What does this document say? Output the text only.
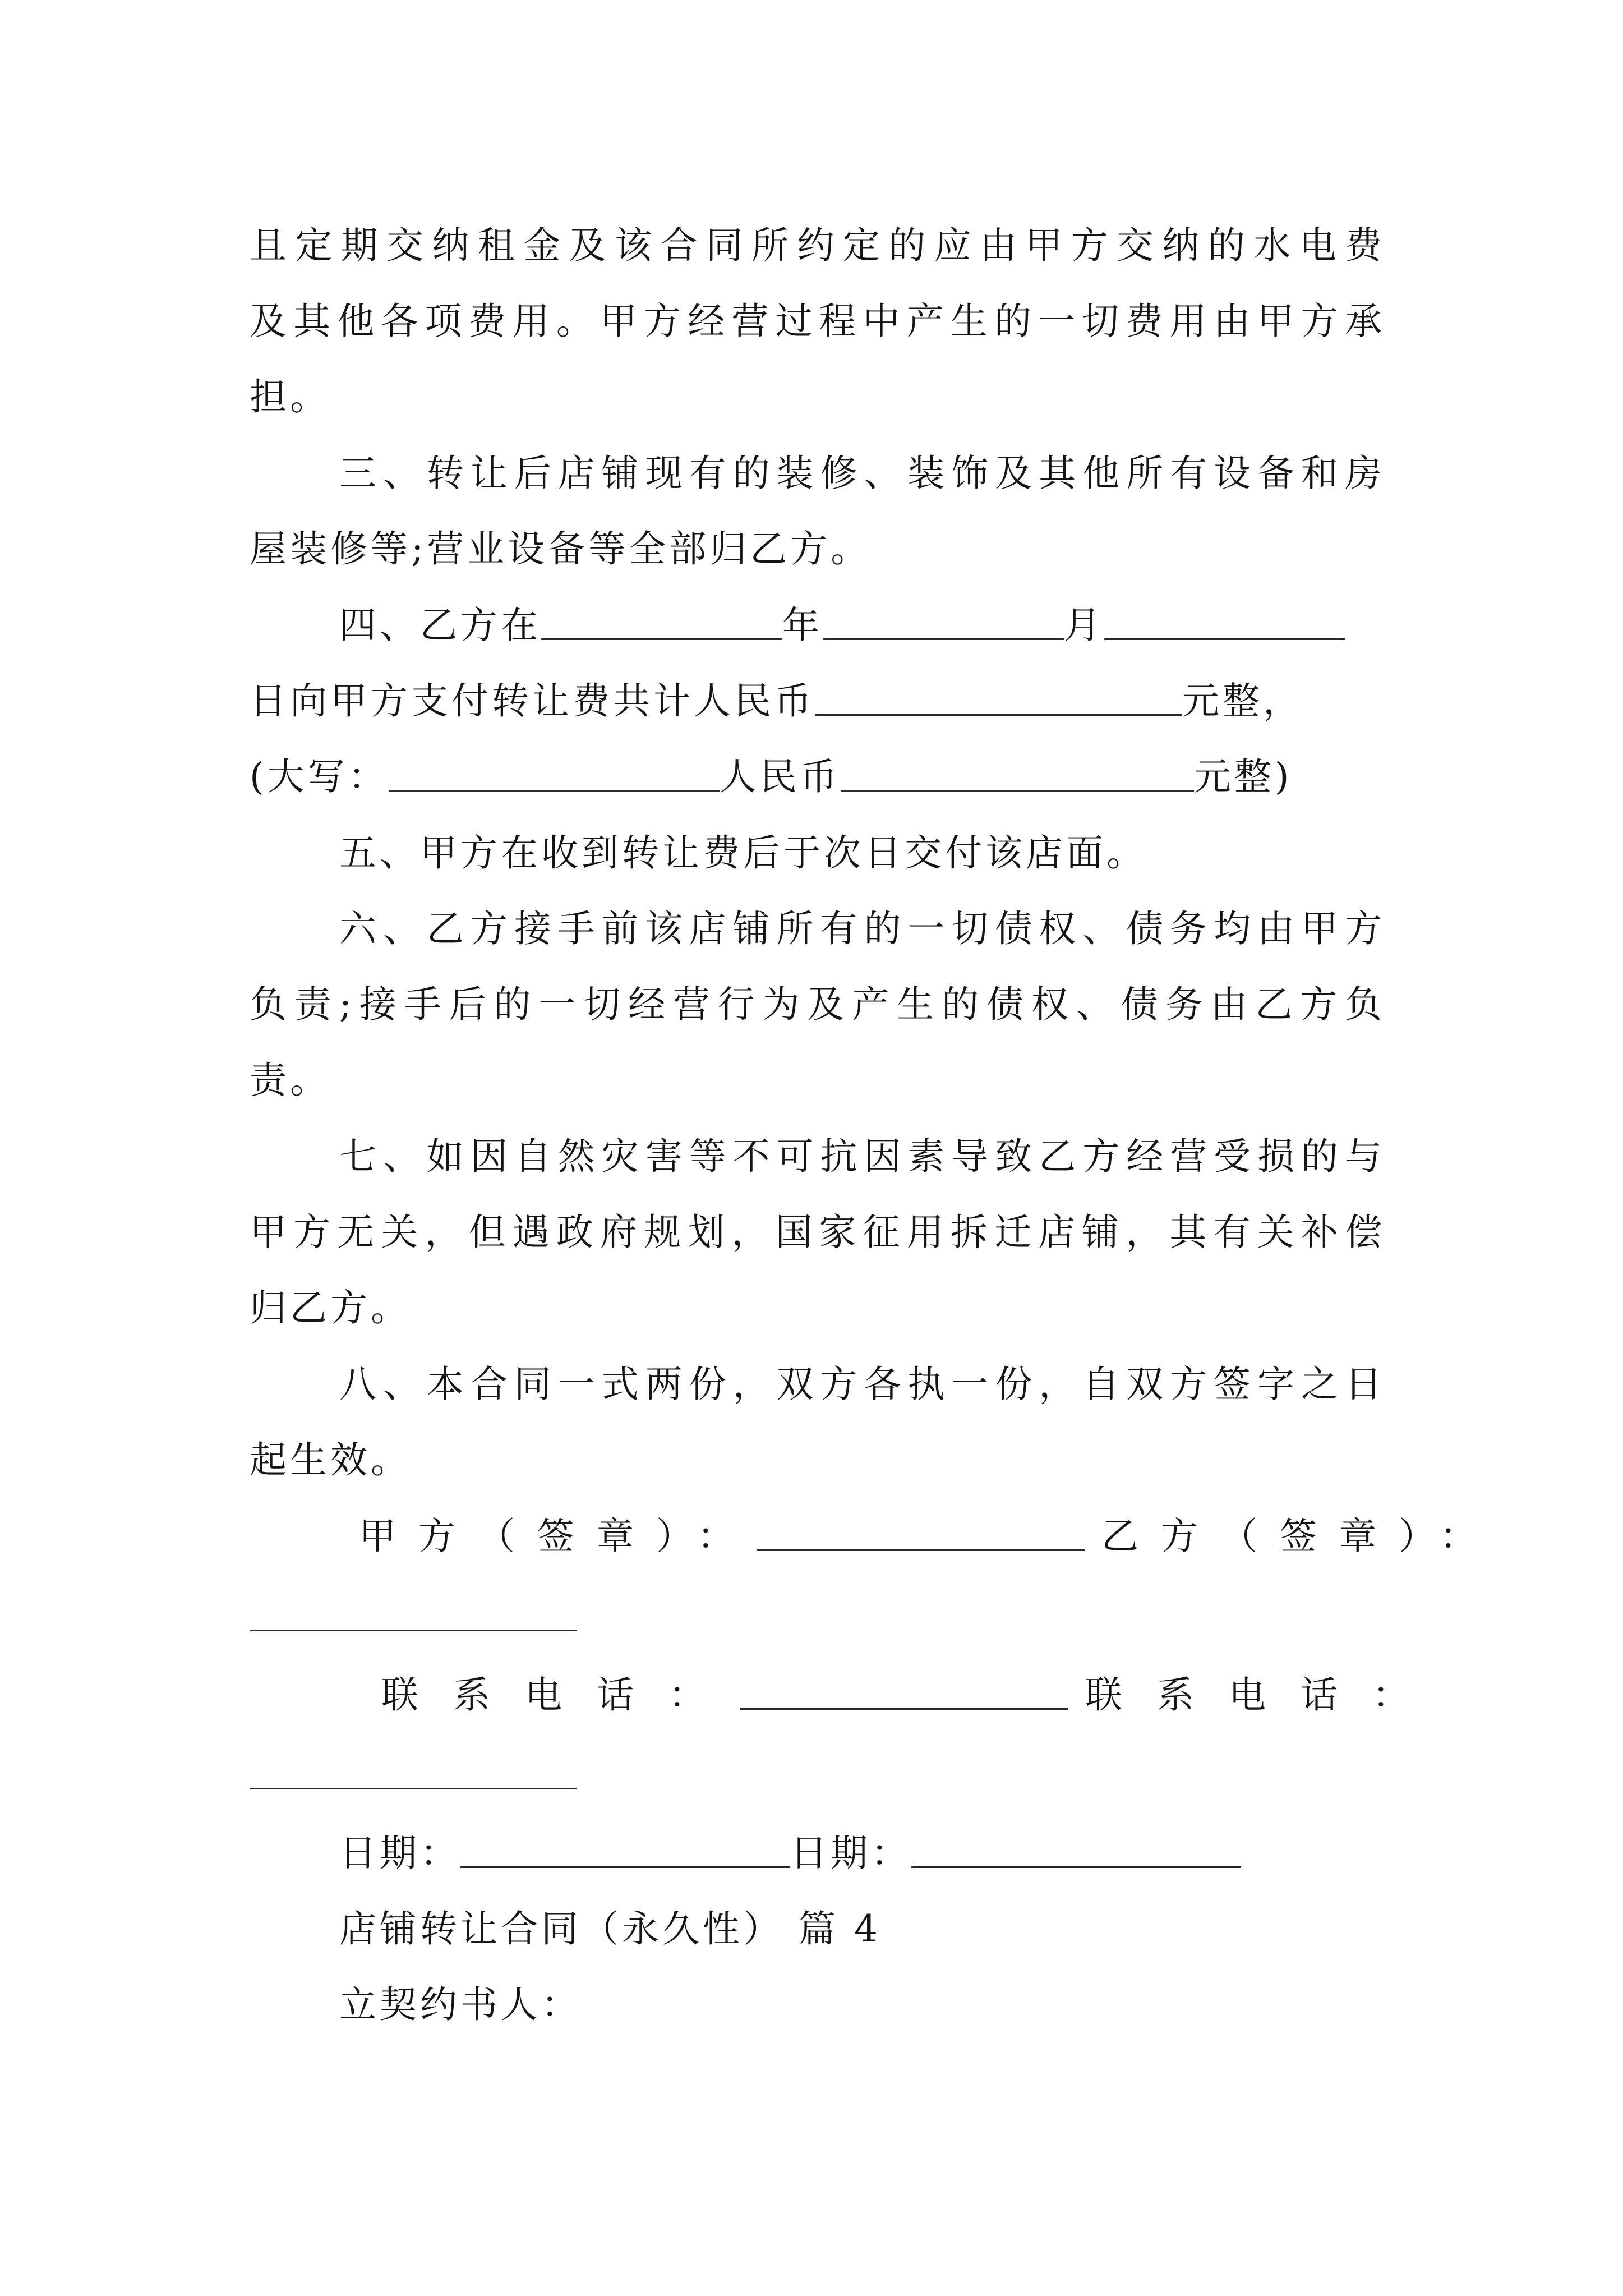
且定期交纳租金及该合同所约定的应由甲方交纳的水电费
及其他各项费用。甲方经营过程中产生的一切费用由甲方承
担。
三、转让后店铺现有的装修、装饰及其他所有设备和房
屋装修等;营业设备等全部归乙方。
四、乙方在	年	月
日向甲方支付转让费共计人民币	元整，
(大写：	人民币	元整)
五、甲方在收到转让费后于次日交付该店面。
六、乙方接手前该店铺所有的一切债权、债务均由甲方
负责;接手后的一切经营行为及产生的债权、债务由乙方负
责。
七、如因自然灾害等不可抗因素导致乙方经营受损的与
甲方无关，但遇政府规划，国家征用拆迁店铺，其有关补偿
归乙方。
八、本合同一式两份，双方各执一份，自双方签字之日
起生效。
甲方（签章）：	乙方（签章）：
联系电话：	联系电话：
日期：	日期：
店铺转让合同（永久性） 篇 4
立契约书人：
